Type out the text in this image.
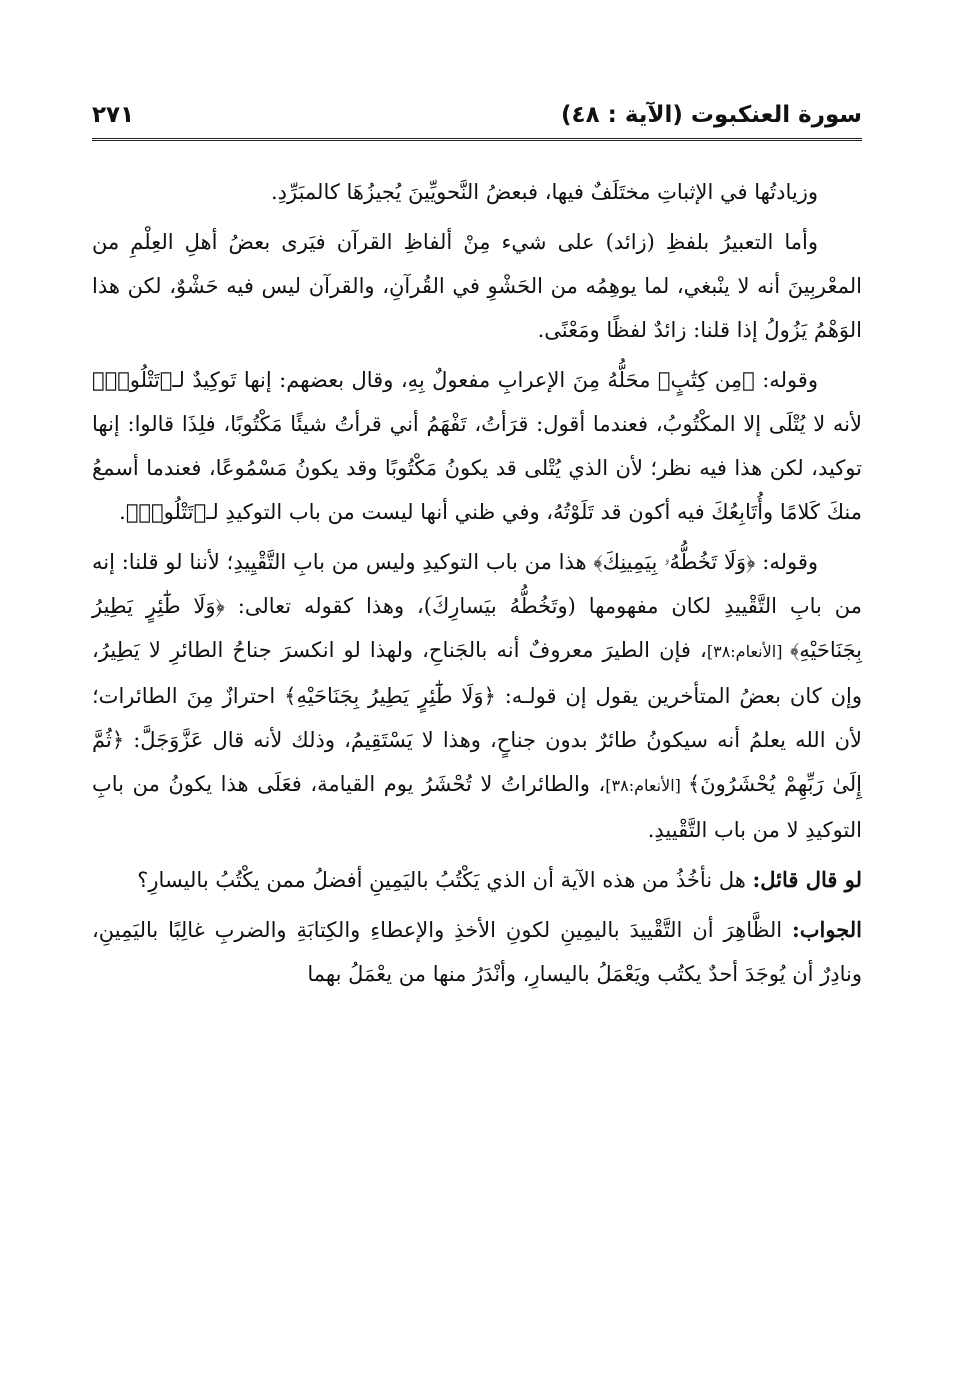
سورة العنكبوت (الآية : ٤٨)
٢٧١

وزيادتُها في الإثباتِ مختَلَفٌ فيها، فبعضُ النَّحويِّينَ يُجيزُهَا كالمبَرِّدِ.

وأما التعبيرُ بلفظِ (زائد) على شيء مِنْ ألفاظِ القرآن فيَرى بعضُ أهلِ العِلْمِ من المعْربِينَ أنه لا ينْبغي، لما يوهِمُه من الحَشْوِ في القُرآنِ، والقرآن ليس فيه حَشْوٌ، لكن هذا الوَهْمُ يَزُولُ إذا قلنا: زائدٌ لفظًا ومَعْنًى.

وقوله: ﴿مِن كِتَٰبٍ﴾ محَلُّهُ مِنَ الإعرابِ مفعولٌ بِهِ، وقال بعضهم: إنها تَوكِيدٌ لـ﴿تَتْلُوا۟﴾ لأنه لا يُتْلَى إلا المكْتُوبُ، فعندما أقول: قرَأتُ، تَفْهَمُ أني قرأتُ شيئًا مَكْتُوبًا، فلِذَا قالوا: إنها توكيد، لكن هذا فيه نظر؛ لأن الذي يُتْلى قد يكونُ مَكْتُوبًا وقد يكونُ مَسْمُوعًا، فعندما أسمعُ منكَ كَلامًا وأُتَابِعُكَ فيه أكون قد تَلَوْتُهُ، وفي ظني أنها ليست من باب التوكيدِ لـ﴿تَتْلُوا۟﴾.

وقوله: ﴿وَلَا تَخُطُّهُۥ بِيَمِينِكَ﴾ هذا من باب التوكيدِ وليس من بابِ التَّقْيِيدِ؛ لأننا لو قلنا: إنه من بابِ التَّقْييدِ لكان مفهومها (وتَخُطُّهُ بيَسارِكَ)، وهذا كقوله تعالى: ﴿وَلَا طَٰٓئِرٍ يَطِيرُ بِجَنَاحَيْهِ﴾ [الأنعام:٣٨]، فإن الطيرَ معروفٌ أنه بالجَناحِ، ولهذا لو انكسرَ جناحُ الطائرِ لا يَطِيرُ، وإن كان بعضُ المتأخرين يقول إن قولـه: ﴿وَلَا طَٰٓئِرٍ يَطِيرُ بِجَنَاحَيْهِ﴾ احترازٌ مِنَ الطائرات؛ لأن الله يعلمُ أنه سيكونُ طائرٌ بدون جناحٍ، وهذا لا يَسْتَقِيمُ، وذلك لأنه قال عَزَّوَجَلَّ: ﴿ثُمَّ إِلَىٰ رَبِّهِمْ يُحْشَرُونَ﴾ [الأنعام:٣٨]، والطائراتُ لا تُحْشَرُ يوم القيامة، فعَلَى هذا يكونُ من بابِ التوكيدِ لا من باب التَّقْييدِ.

لو قال قائل: هل نأخُذُ من هذه الآية أن الذي يَكْتُبُ باليَمِينِ أفضلُ ممن يكْتُبُ باليسارِ؟

الجواب: الظَّاهِرَ أن التَّقْييدَ باليمِينِ لكونِ الأخذِ والإعطاءِ والكِتابَةِ والضربِ غالِبًا باليَمِينِ، ونادِرٌ أن يُوجَدَ أحدٌ يكتُب ويَعْمَلُ باليسارِ، وأنْدَرُ منها من يعْمَلُ بهما
